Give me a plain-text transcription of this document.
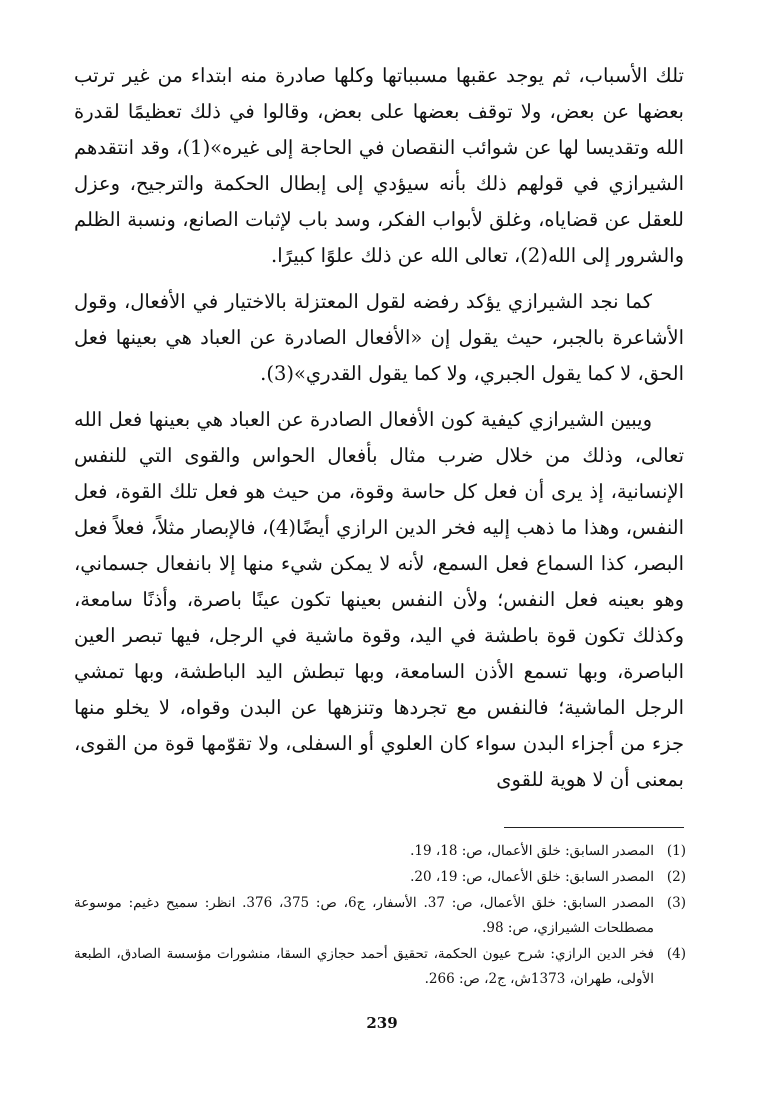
تلك الأسباب، ثم يوجد عقبها مسبباتها وكلها صادرة منه ابتداء من غير ترتب بعضها عن بعض، ولا توقف بعضها على بعض، وقالوا في ذلك تعظيمًا لقدرة الله وتقديسا لها عن شوائب النقصان في الحاجة إلى غيره»(1)، وقد انتقدهم الشيرازي في قولهم ذلك بأنه سيؤدي إلى إبطال الحكمة والترجيح، وعزل للعقل عن قضاياه، وغلق لأبواب الفكر، وسد باب لإثبات الصانع، ونسبة الظلم والشرور إلى الله(2)، تعالى الله عن ذلك علوًا كبيرًا.

كما نجد الشيرازي يؤكد رفضه لقول المعتزلة بالاختيار في الأفعال، وقول الأشاعرة بالجبر، حيث يقول إن «الأفعال الصادرة عن العباد هي بعينها فعل الحق، لا كما يقول الجبري، ولا كما يقول القدري»(3).

ويبين الشيرازي كيفية كون الأفعال الصادرة عن العباد هي بعينها فعل الله تعالى، وذلك من خلال ضرب مثال بأفعال الحواس والقوى التي للنفس الإنسانية، إذ يرى أن فعل كل حاسة وقوة، من حيث هو فعل تلك القوة، فعل النفس، وهذا ما ذهب إليه فخر الدين الرازي أيضًا(4)، فالإبصار مثلاً، فعلاً فعل البصر، كذا السماع فعل السمع، لأنه لا يمكن شيء منها إلا بانفعال جسماني، وهو بعينه فعل النفس؛ ولأن النفس بعينها تكون عينًا باصرة، وأذنًا سامعة، وكذلك تكون قوة باطشة في اليد، وقوة ماشية في الرجل، فيها تبصر العين الباصرة، وبها تسمع الأذن السامعة، وبها تبطش اليد الباطشة، وبها تمشي الرجل الماشية؛ فالنفس مع تجردها وتنزهها عن البدن وقواه، لا يخلو منها جزء من أجزاء البدن سواء كان العلوي أو السفلى، ولا تقوّمها قوة من القوى، بمعنى أن لا هوية للقوى

(1)
المصدر السابق: خلق الأعمال، ص: 18، 19.
(2)
المصدر السابق: خلق الأعمال، ص: 19، 20.
(3)
المصدر السابق: خلق الأعمال، ص: 37. الأسفار، ج6، ص: 375، 376. انظر: سميح دغيم: موسوعة مصطلحات الشيرازي، ص: 98.
(4)
فخر الدين الرازي: شرح عيون الحكمة، تحقيق أحمد حجازي السقا، منشورات مؤسسة الصادق، الطبعة الأولى، طهران، 1373ش، ج2، ص: 266.
239
